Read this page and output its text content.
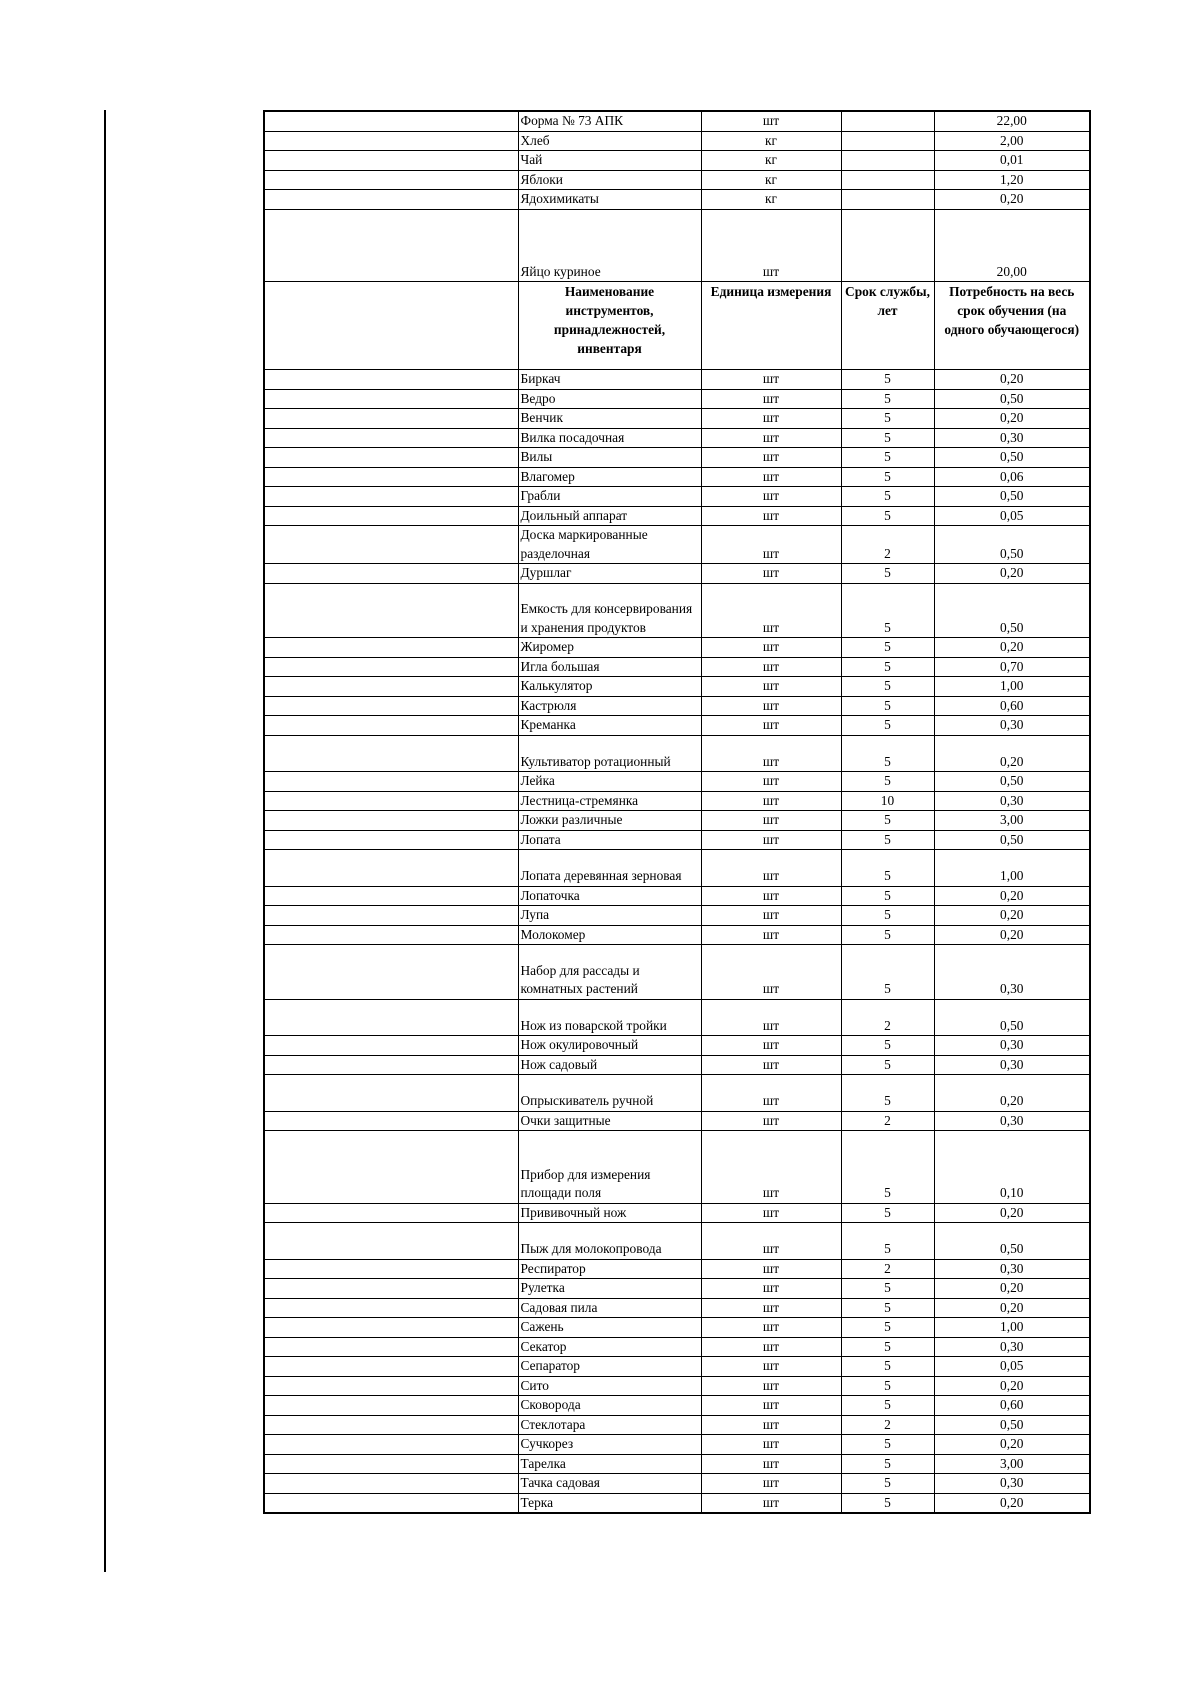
	Форма № 73 АПК	шт		22,00
	Хлеб	кг		2,00
	Чай	кг		0,01
	Яблоки	кг		1,20
	Ядохимикаты	кг		0,20
	Яйцо куриное	шт		20,00
	Наименование инструментов, принадлежностей, инвентаря	Единица измерения	Срок службы, лет	Потребность на весь срок обучения (на одного обучающегося)
	Биркач	шт	5	0,20
	Ведро	шт	5	0,50
	Венчик	шт	5	0,20
	Вилка посадочная	шт	5	0,30
	Вилы	шт	5	0,50
	Влагомер	шт	5	0,06
	Грабли	шт	5	0,50
	Доильный аппарат	шт	5	0,05
	Доска маркированные разделочная	шт	2	0,50
	Дуршлаг	шт	5	0,20
	Емкость для консервирования и хранения продуктов	шт	5	0,50
	Жиромер	шт	5	0,20
	Игла большая	шт	5	0,70
	Калькулятор	шт	5	1,00
	Кастрюля	шт	5	0,60
	Креманка	шт	5	0,30
	Культиватор ротационный	шт	5	0,20
	Лейка	шт	5	0,50
	Лестница-стремянка	шт	10	0,30
	Ложки различные	шт	5	3,00
	Лопата	шт	5	0,50
	Лопата деревянная зерновая	шт	5	1,00
	Лопаточка	шт	5	0,20
	Лупа	шт	5	0,20
	Молокомер	шт	5	0,20
	Набор для рассады и комнатных растений	шт	5	0,30
	Нож из поварской тройки	шт	2	0,50
	Нож окулировочный	шт	5	0,30
	Нож садовый	шт	5	0,30
	Опрыскиватель ручной	шт	5	0,20
	Очки защитные	шт	2	0,30
	Прибор для измерения площади поля	шт	5	0,10
	Прививочный нож	шт	5	0,20
	Пыж для молокопровода	шт	5	0,50
	Респиратор	шт	2	0,30
	Рулетка	шт	5	0,20
	Садовая пила	шт	5	0,20
	Сажень	шт	5	1,00
	Секатор	шт	5	0,30
	Сепаратор	шт	5	0,05
	Сито	шт	5	0,20
	Сковорода	шт	5	0,60
	Стеклотара	шт	2	0,50
	Сучкорез	шт	5	0,20
	Тарелка	шт	5	3,00
	Тачка садовая	шт	5	0,30
	Терка	шт	5	0,20
